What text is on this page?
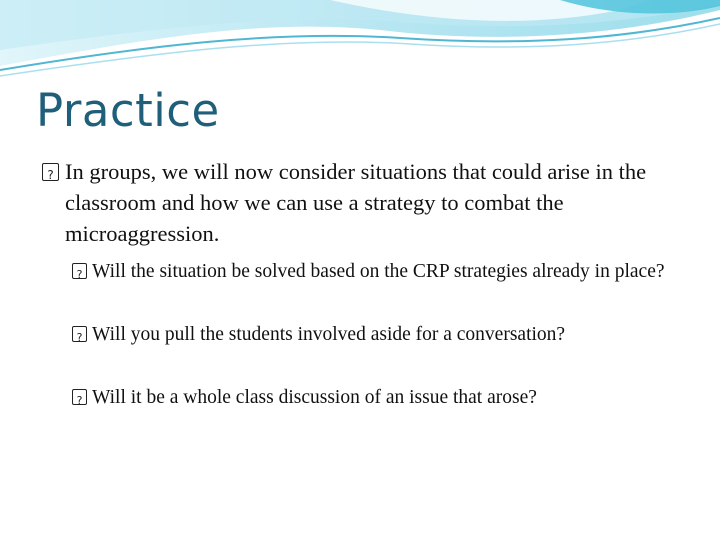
Practice
?In groups, we will now consider situations that could arise in the classroom and how we can use a strategy to combat the microaggression.
?Will the situation be solved based on the CRP strategies already in place?
?Will you pull the students involved aside for a conversation?
?Will it be a whole class discussion of an issue that arose?
